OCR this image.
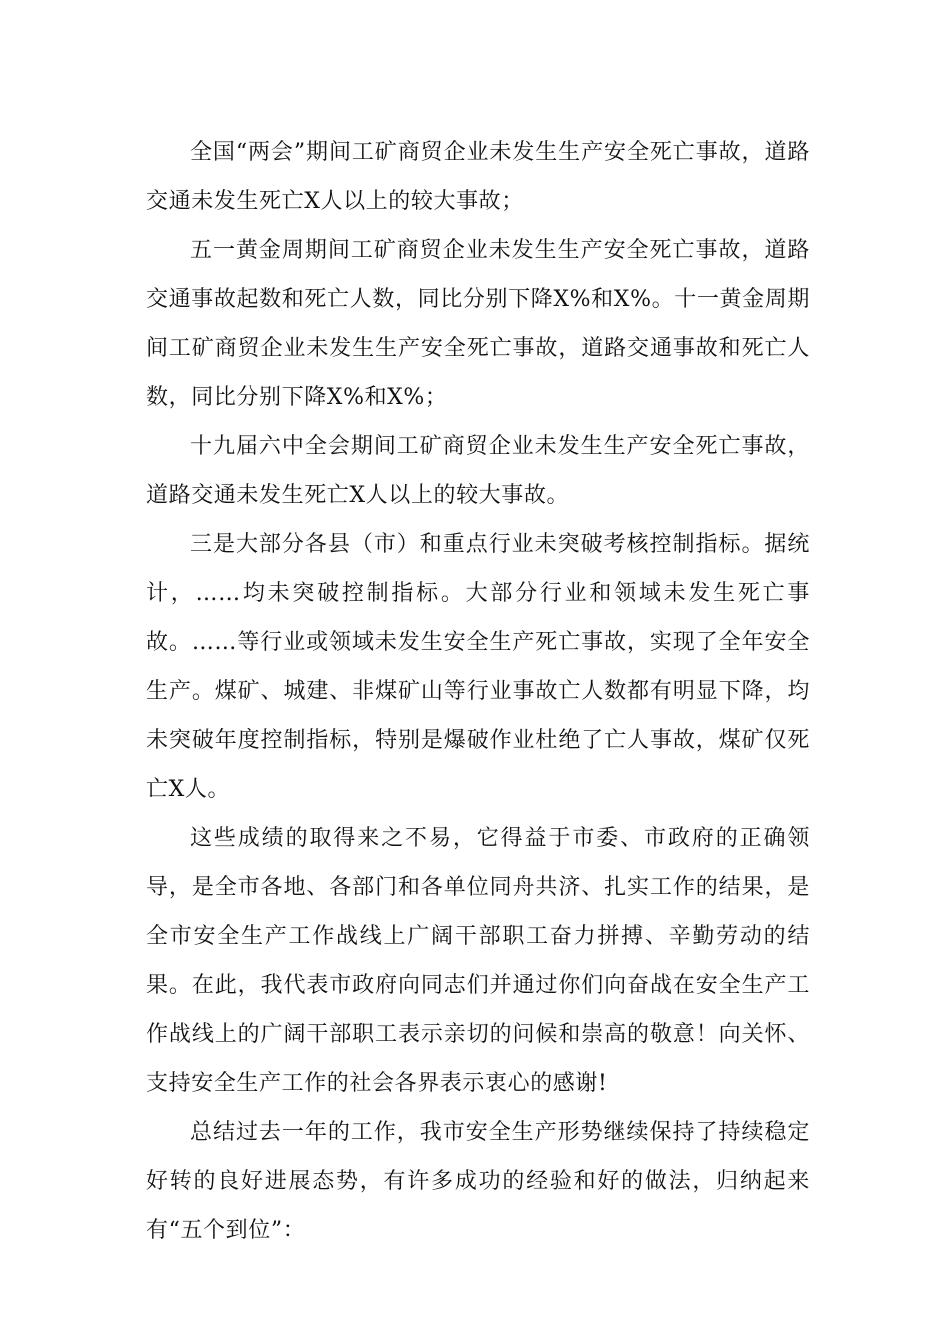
全国“两会”期间工矿商贸企业未发生生产安全死亡事故，道路交通未发生死亡X人以上的较大事故；

五一黄金周期间工矿商贸企业未发生生产安全死亡事故，道路交通事故起数和死亡人数，同比分别下降X%和X%。十一黄金周期间工矿商贸企业未发生生产安全死亡事故，道路交通事故和死亡人数，同比分别下降X%和X%；

十九届六中全会期间工矿商贸企业未发生生产安全死亡事故，道路交通未发生死亡X人以上的较大事故。

三是大部分各县（市）和重点行业未突破考核控制指标。据统计，……均未突破控制指标。大部分行业和领域未发生死亡事故。……等行业或领域未发生安全生产死亡事故，实现了全年安全生产。煤矿、城建、非煤矿山等行业事故亡人数都有明显下降，均未突破年度控制指标，特别是爆破作业杜绝了亡人事故，煤矿仅死亡X人。

这些成绩的取得来之不易，它得益于市委、市政府的正确领导，是全市各地、各部门和各单位同舟共济、扎实工作的结果，是全市安全生产工作战线上广阔干部职工奋力拼搏、辛勤劳动的结果。在此，我代表市政府向同志们并通过你们向奋战在安全生产工作战线上的广阔干部职工表示亲切的问候和崇高的敬意！向关怀、支持安全生产工作的社会各界表示衷心的感谢!

总结过去一年的工作，我市安全生产形势继续保持了持续稳定好转的良好进展态势，有许多成功的经验和好的做法，归纳起来有“五个到位”：
